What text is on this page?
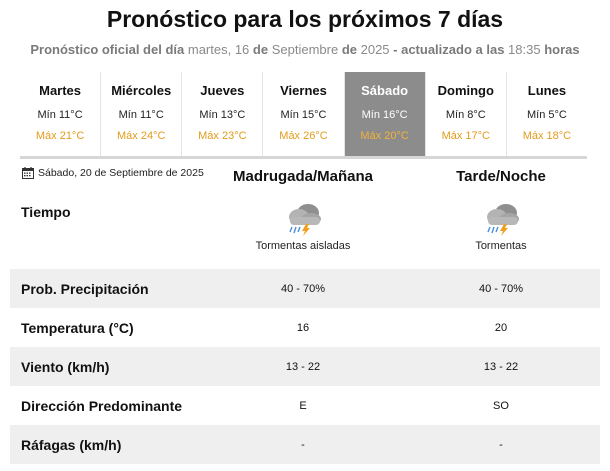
Pronóstico para los próximos 7 días
Pronóstico oficial del día martes, 16 de Septiembre de 2025 - actualizado a las 18:35 horas
Martes
Mín 11°C
Máx 21°C
Miércoles
Mín 11°C
Máx 24°C
Jueves
Mín 13°C
Máx 23°C
Viernes
Mín 15°C
Máx 26°C
Sábado
Mín 16°C
Máx 20°C
Domingo
Mín 8°C
Máx 17°C
Lunes
Mín 5°C
Máx 18°C
Sábado, 20 de Septiembre de 2025	Madrugada/Mañana	Tarde/Noche
Tiempo
Tormentas aisladas	Tormentas
Prob. Precipitación	40 - 70%	40 - 70%
Temperatura (°C)	16	20
Viento (km/h)	13 - 22	13 - 22
Dirección Predominante	E	SO
Ráfagas (km/h)	-	-
